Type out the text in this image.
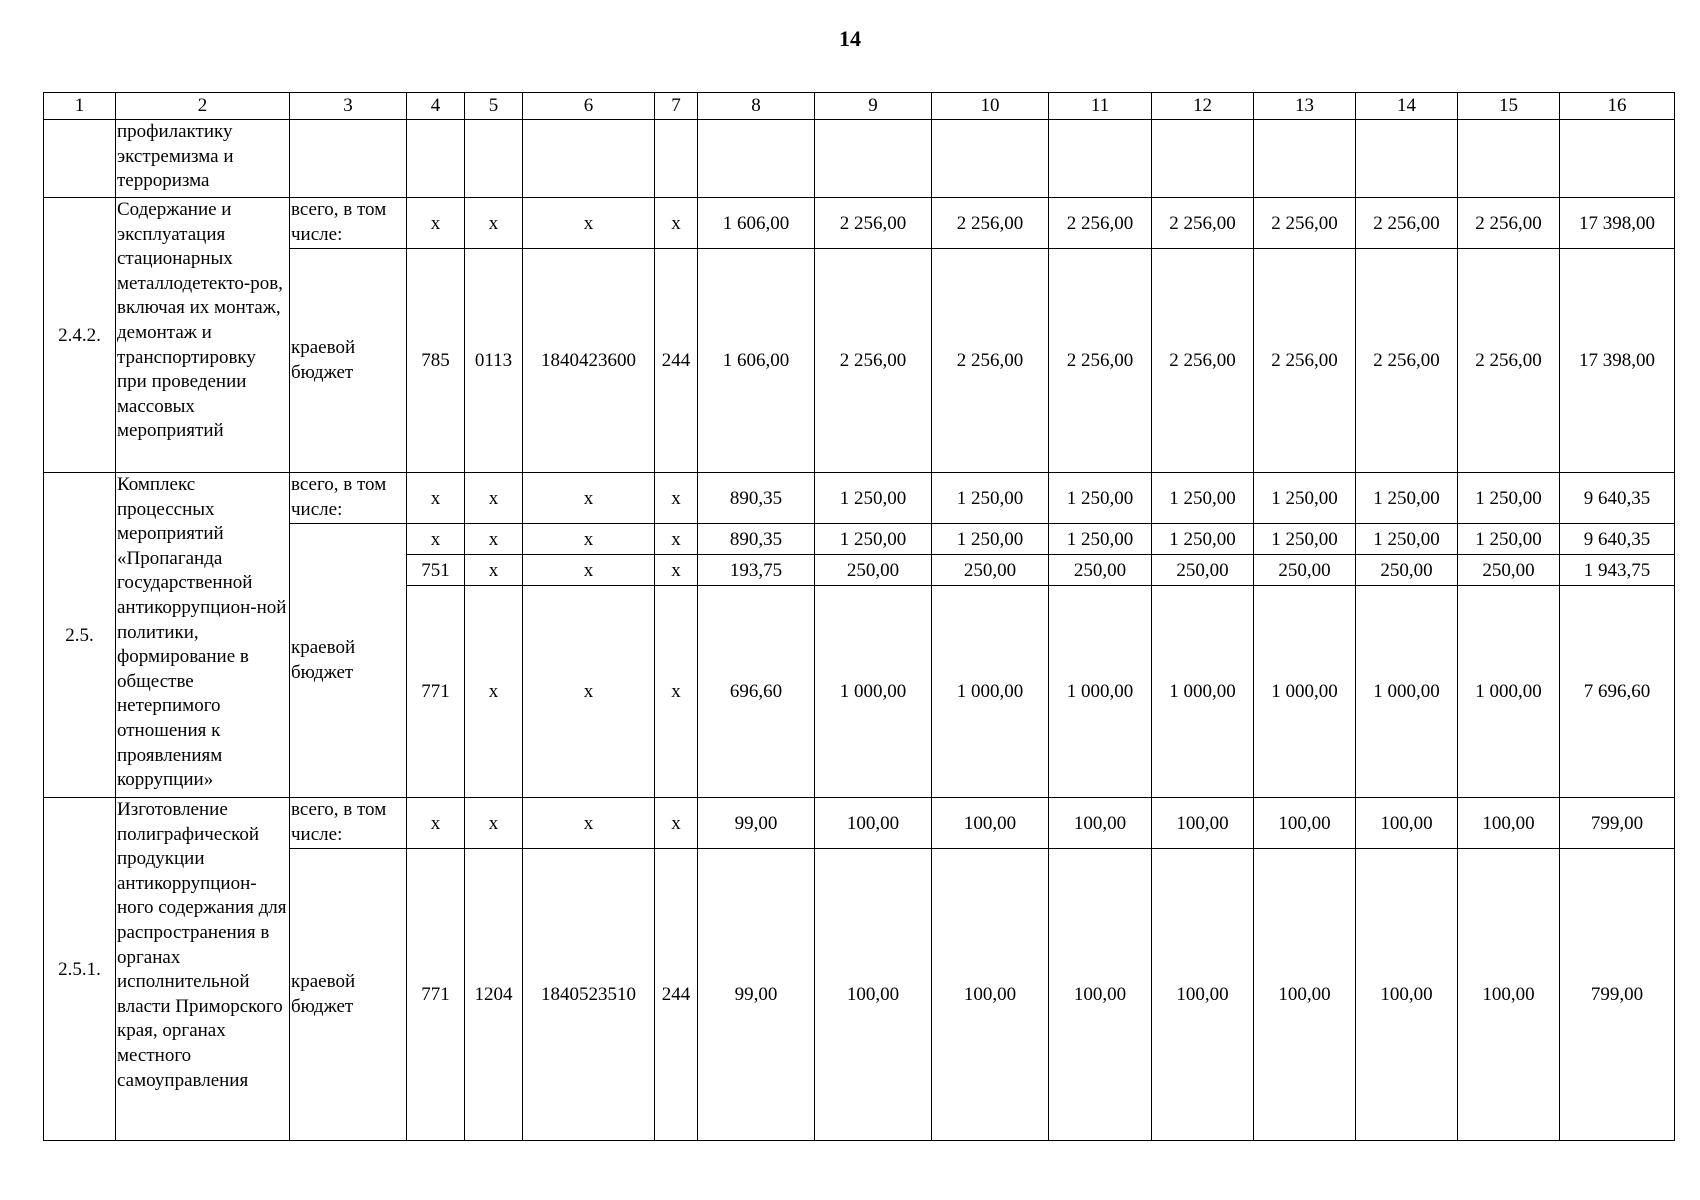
14
1	2	3	4	5	6	7	8	9	10	11	12	13	14	15	16
	профилактику экстремизма и терроризма														
2.4.2.	Содержание и эксплуатация стационарных металлодетекто-ров, включая их монтаж, демонтаж и транспортировку при проведении массовых мероприятий	всего, в том числе:	x	x	x	x	1 606,00	2 256,00	2 256,00	2 256,00	2 256,00	2 256,00	2 256,00	2 256,00	17 398,00
		краевой бюджет	785	0113	1840423600	244	1 606,00	2 256,00	2 256,00	2 256,00	2 256,00	2 256,00	2 256,00	2 256,00	17 398,00
2.5.	Комплекс процессных мероприятий «Пропаганда государственной антикоррупцион-ной политики, формирование в обществе нетерпимого отношения к проявлениям коррупции»	всего, в том числе:	x	x	x	x	890,35	1 250,00	1 250,00	1 250,00	1 250,00	1 250,00	1 250,00	1 250,00	9 640,35
		краевой бюджет	x	x	x	x	890,35	1 250,00	1 250,00	1 250,00	1 250,00	1 250,00	1 250,00	1 250,00	9 640,35
			751	x	x	x	193,75	250,00	250,00	250,00	250,00	250,00	250,00	250,00	1 943,75
			771	x	x	x	696,60	1 000,00	1 000,00	1 000,00	1 000,00	1 000,00	1 000,00	1 000,00	7 696,60
2.5.1.	Изготовление полиграфической продукции антикоррупцион-ного содержания для распространения в органах исполнительной власти Приморского края, органах местного самоуправления	всего, в том числе:	x	x	x	x	99,00	100,00	100,00	100,00	100,00	100,00	100,00	100,00	799,00
		краевой бюджет	771	1204	1840523510	244	99,00	100,00	100,00	100,00	100,00	100,00	100,00	100,00	799,00
